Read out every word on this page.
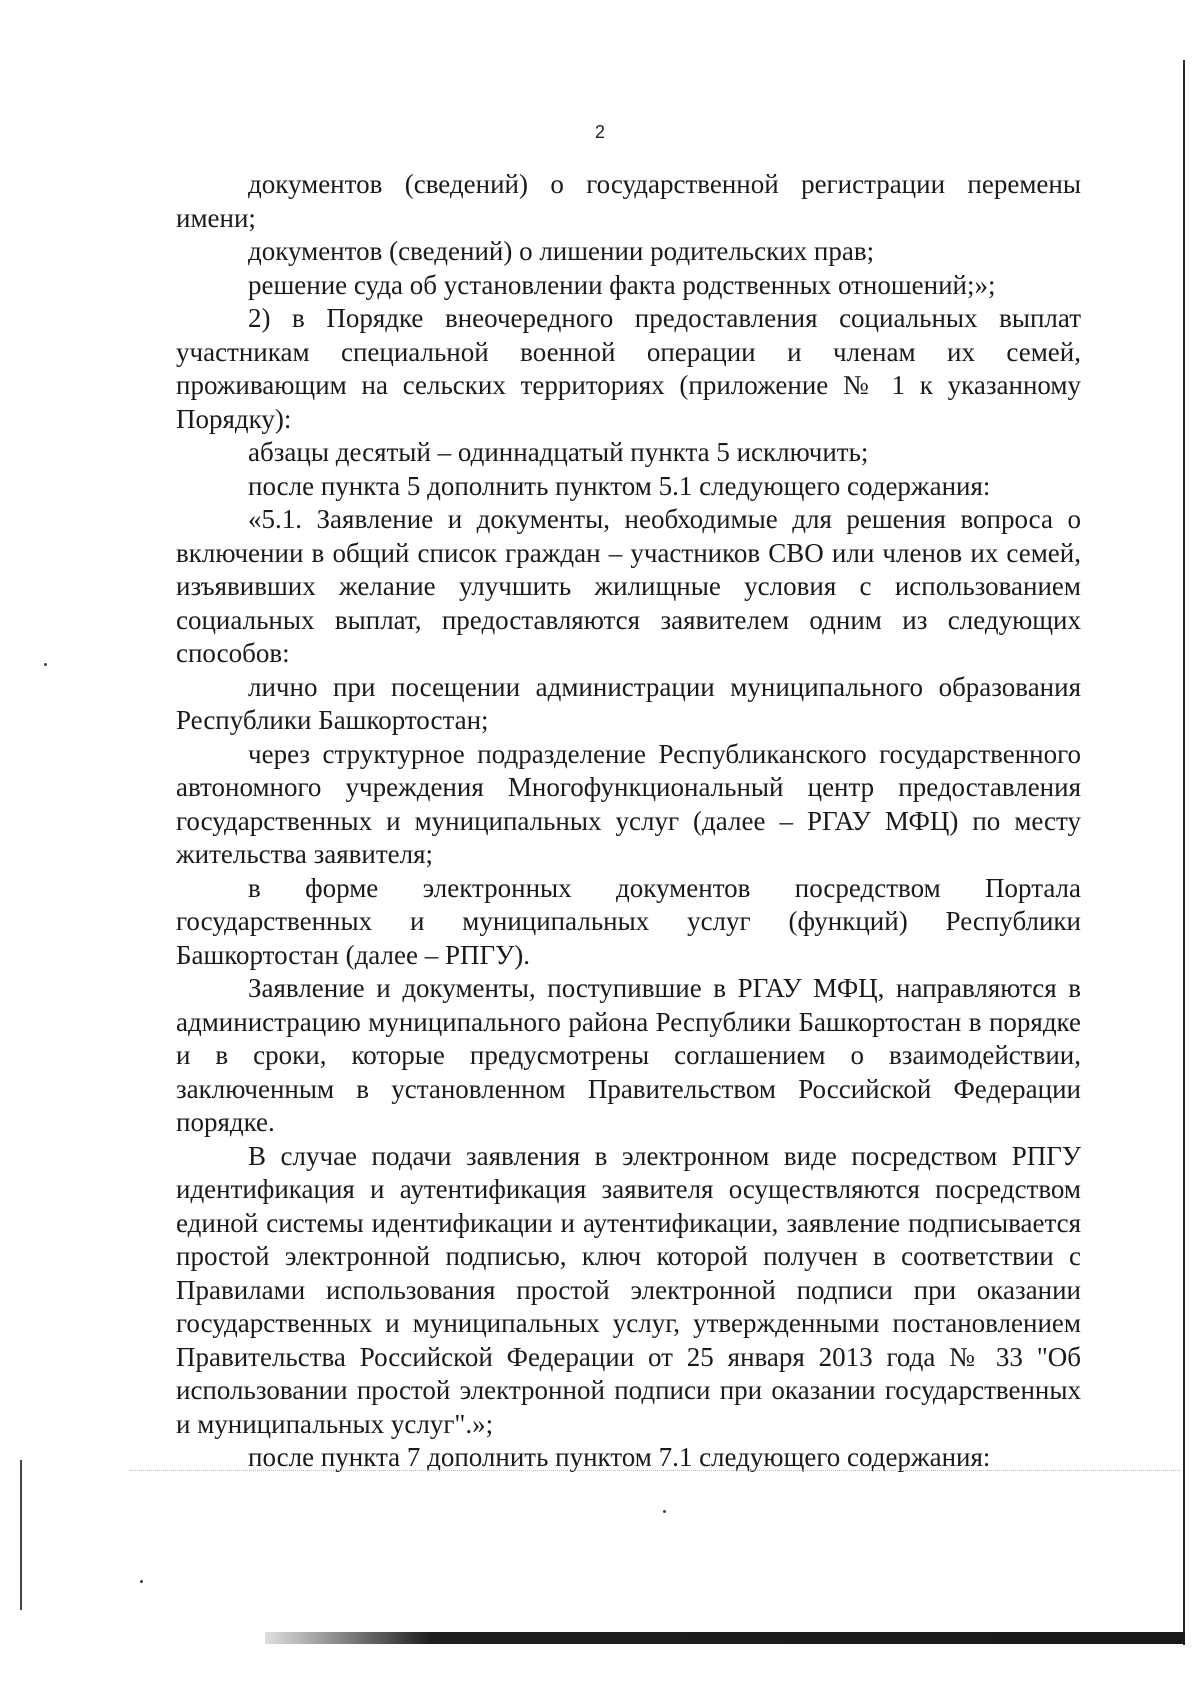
2

документов (сведений) о государственной регистрации перемены имени;

документов (сведений) о лишении родительских прав;

решение суда об установлении факта родственных отношений;»;

2) в Порядке внеочередного предоставления социальных выплат участникам специальной военной операции и членам их семей, проживающим на сельских территориях (приложение № 1 к указанному Порядку):

абзацы десятый – одиннадцатый пункта 5 исключить;

после пункта 5 дополнить пунктом 5.1 следующего содержания:

«5.1. Заявление и документы, необходимые для решения вопроса о включении в общий список граждан – участников СВО или членов их семей, изъявивших желание улучшить жилищные условия с использованием социальных выплат, предоставляются заявителем одним из следующих способов:

лично при посещении администрации муниципального образования Республики Башкортостан;

через структурное подразделение Республиканского государственного автономного учреждения Многофункциональный центр предоставления государственных и муниципальных услуг (далее – РГАУ МФЦ) по месту жительства заявителя;

в форме электронных документов посредством Портала государственных и муниципальных услуг (функций) Республики Башкортостан (далее – РПГУ).

Заявление и документы, поступившие в РГАУ МФЦ, направляются в администрацию муниципального района Республики Башкортостан в порядке и в сроки, которые предусмотрены соглашением о взаимодействии, заключенным в установленном Правительством Российской Федерации порядке.

В случае подачи заявления в электронном виде посредством РПГУ идентификация и аутентификация заявителя осуществляются посредством единой системы идентификации и аутентификации, заявление подписывается простой электронной подписью, ключ которой получен в соответствии с Правилами использования простой электронной подписи при оказании государственных и муниципальных услуг, утвержденными постановлением Правительства Российской Федерации от 25 января 2013 года № 33 "Об использовании простой электронной подписи при оказании государственных и муниципальных услуг".»;

после пункта 7 дополнить пунктом 7.1 следующего содержания:
